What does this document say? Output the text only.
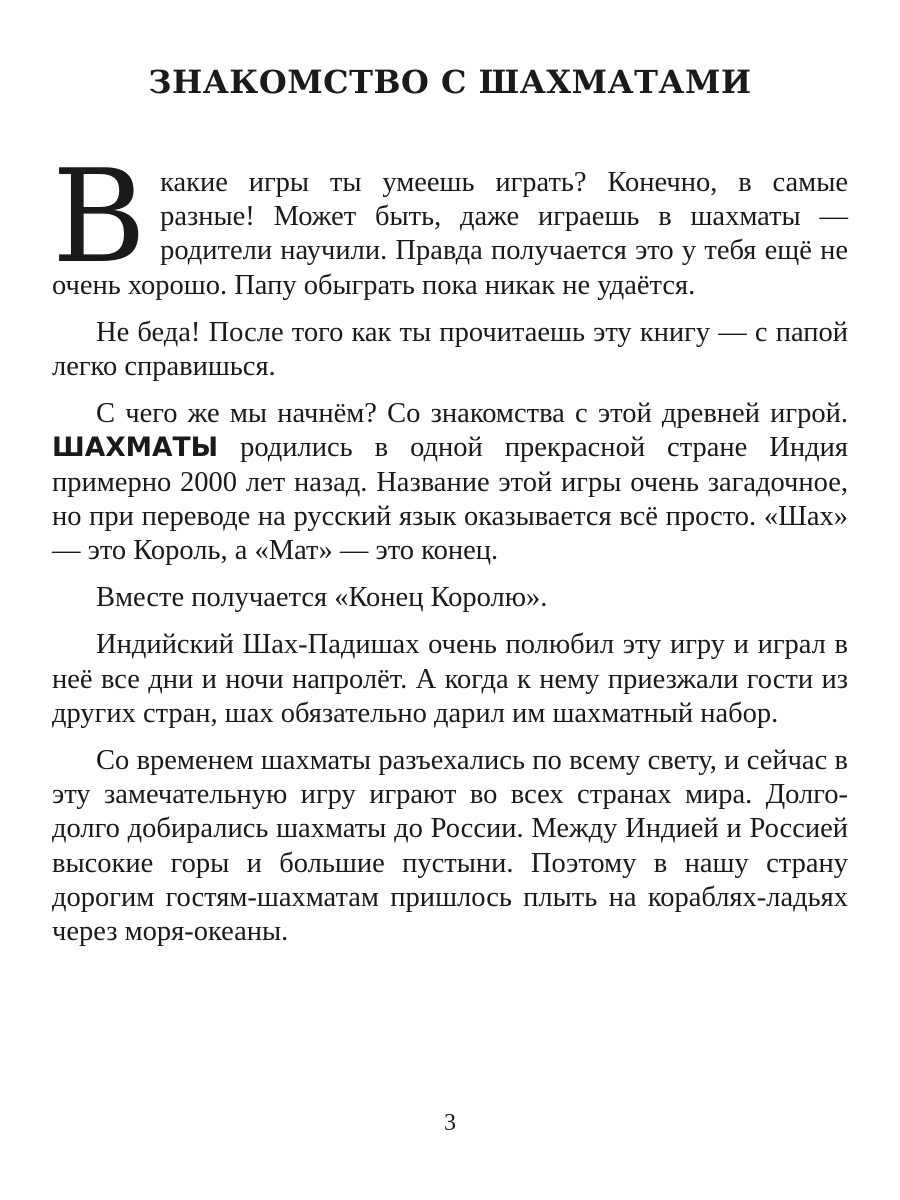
ЗНАКОМСТВО С ШАХМАТАМИ

Вкакие игры ты умеешь играть? Конечно, в самые разные! Может быть, даже играешь в шахматы — родители научили. Правда получается это у тебя ещё не очень хорошо. Папу обыграть пока никак не удаётся.

Не беда! После того как ты прочитаешь эту книгу — с папой легко справишься.

С чего же мы начнём? Со знакомства с этой древней игрой. ШАХМАТЫ родились в одной прекрасной стране Индия примерно 2000 лет назад. Название этой игры очень загадочное, но при переводе на русский язык оказывается всё просто. «Шах» — это Король, а «Мат» — это конец.

Вместе получается «Конец Королю».

Индийский Шах-Падишах очень полюбил эту игру и играл в неё все дни и ночи напролёт. А когда к нему приезжали гости из других стран, шах обязательно дарил им шахматный набор.

Со временем шахматы разъехались по всему свету, и сейчас в эту замечательную игру играют во всех странах мира. Долго-долго добирались шахматы до России. Между Индией и Россией высокие горы и большие пустыни. Поэтому в нашу страну дорогим гостям-шахматам пришлось плыть на кораблях-ладьях через моря-океаны.

3
